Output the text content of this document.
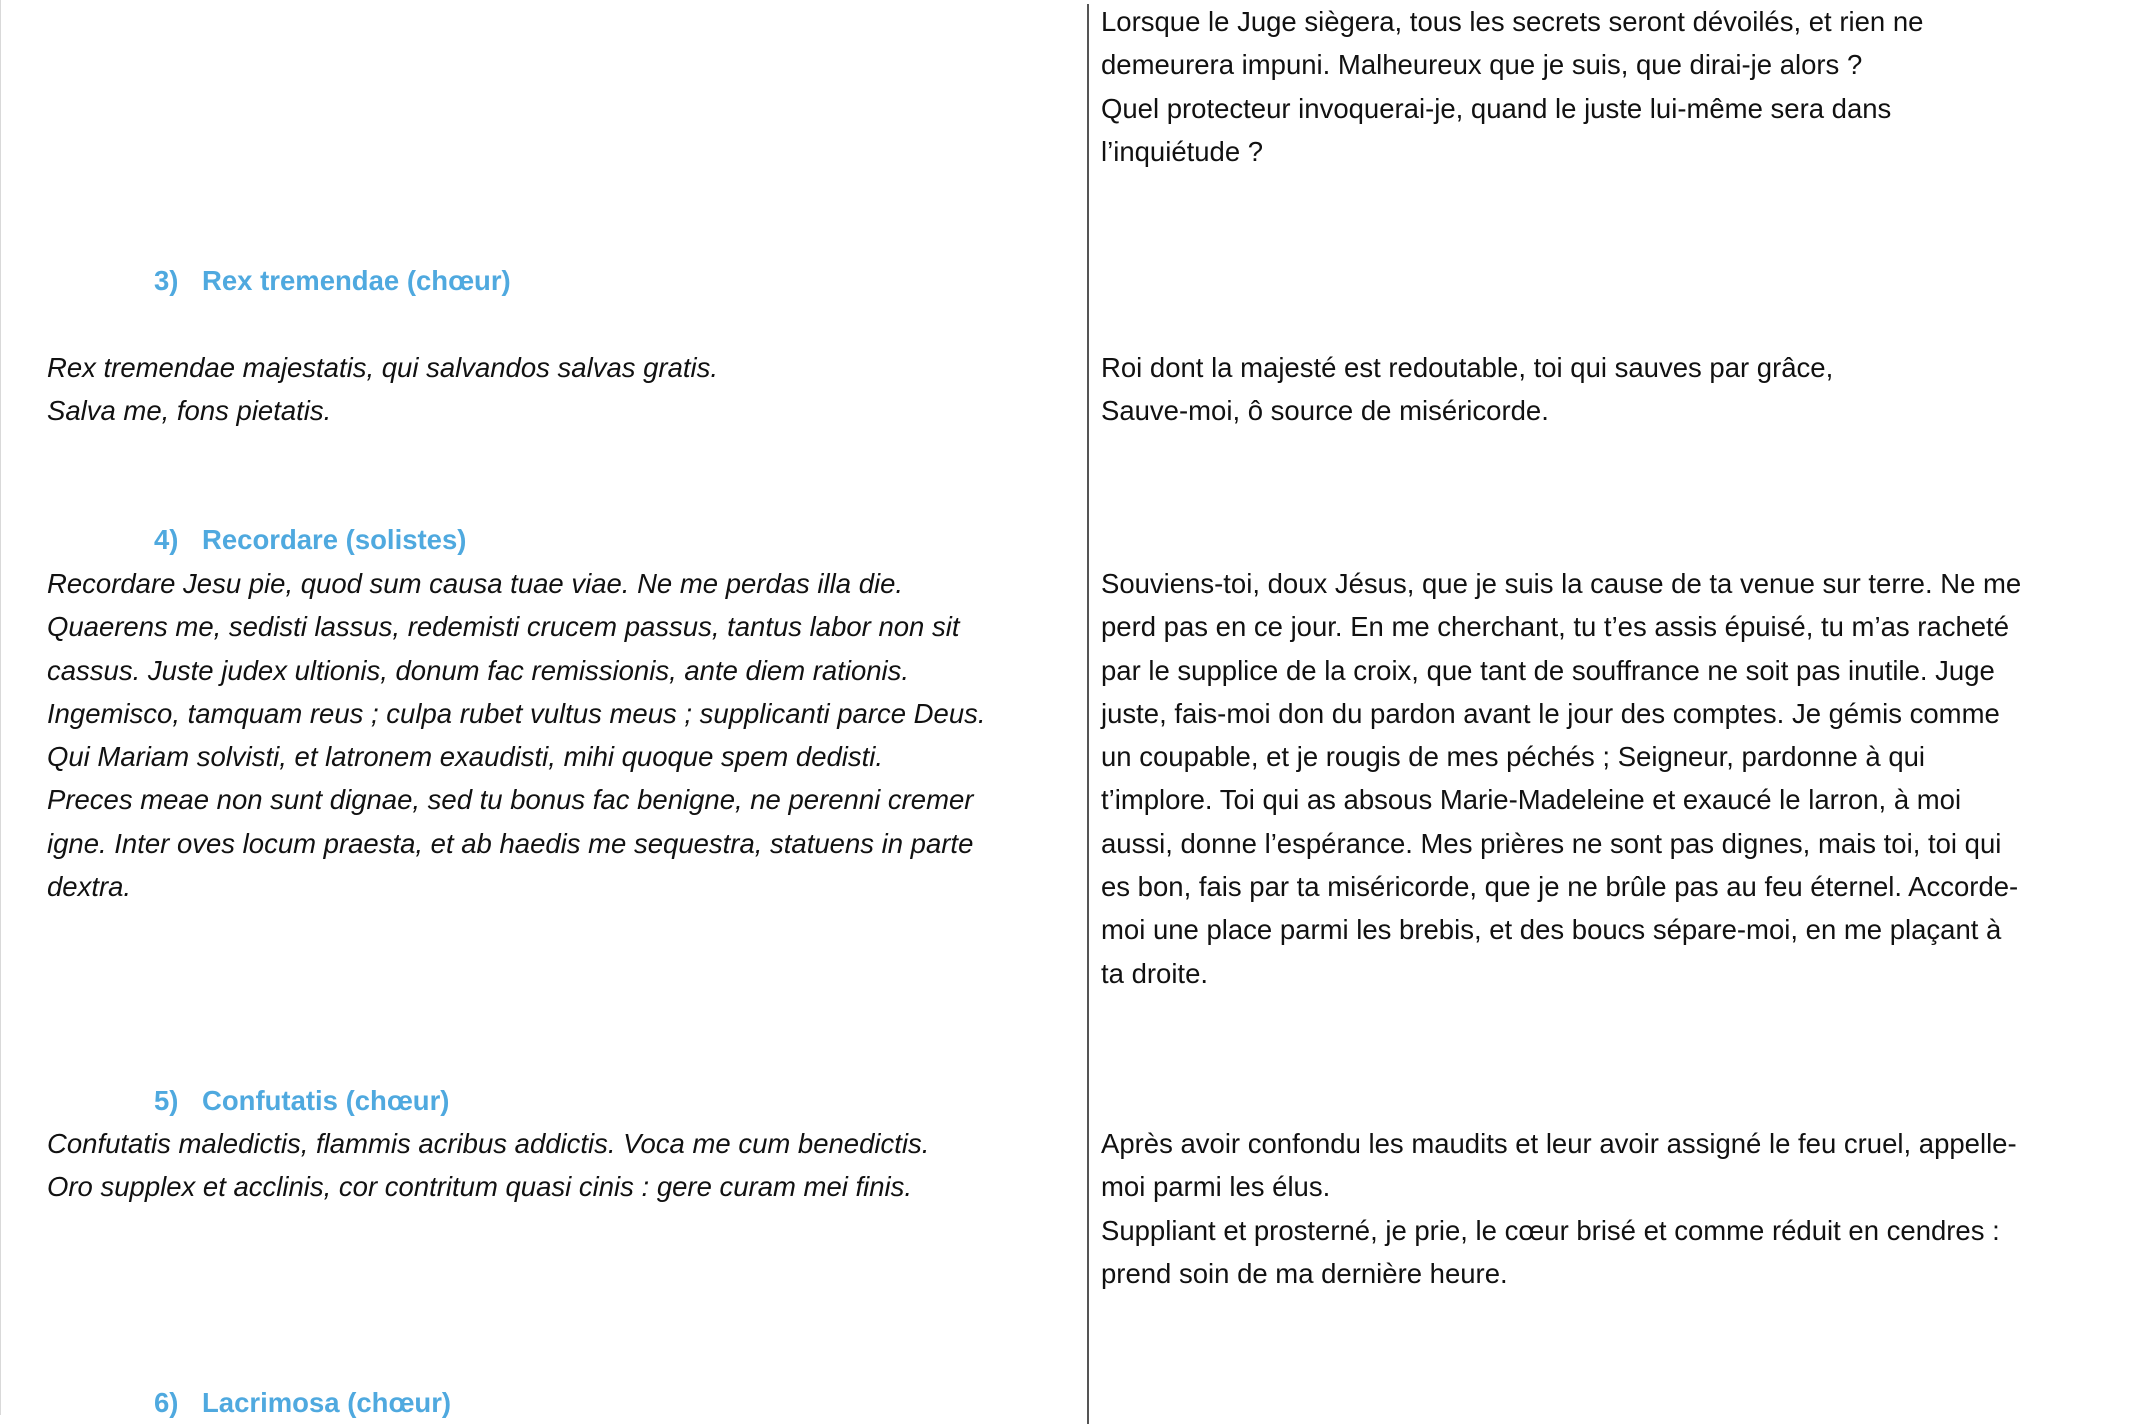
Lorsque le Juge siègera, tous les secrets seront dévoilés, et rien ne
demeurera impuni. Malheureux que je suis, que dirai-je alors ?
Quel protecteur invoquerai-je, quand le juste lui-même sera dans
l’inquiétude ?
3) Rex tremendae (chœur)
Rex tremendae majestatis, qui salvandos salvas gratis.
Salva me, fons pietatis.
Roi dont la majesté est redoutable, toi qui sauves par grâce,
Sauve-moi, ô source de miséricorde.
4) Recordare (solistes)
Recordare Jesu pie, quod sum causa tuae viae. Ne me perdas illa die.
Quaerens me, sedisti lassus, redemisti crucem passus, tantus labor non sit
cassus. Juste judex ultionis, donum fac remissionis, ante diem rationis.
Ingemisco, tamquam reus ; culpa rubet vultus meus ; supplicanti parce Deus.
Qui Mariam solvisti, et latronem exaudisti, mihi quoque spem dedisti.
Preces meae non sunt dignae, sed tu bonus fac benigne, ne perenni cremer
igne. Inter oves locum praesta, et ab haedis me sequestra, statuens in parte
dextra.
Souviens-toi, doux Jésus, que je suis la cause de ta venue sur terre. Ne me
perd pas en ce jour. En me cherchant, tu t’es assis épuisé, tu m’as racheté
par le supplice de la croix, que tant de souffrance ne soit pas inutile. Juge
juste, fais-moi don du pardon avant le jour des comptes. Je gémis comme
un coupable, et je rougis de mes péchés ; Seigneur, pardonne à qui
t’implore. Toi qui as absous Marie-Madeleine et exaucé le larron, à moi
aussi, donne l’espérance. Mes prières ne sont pas dignes, mais toi, toi qui
es bon, fais par ta miséricorde, que je ne brûle pas au feu éternel. Accorde-
moi une place parmi les brebis, et des boucs sépare-moi, en me plaçant à
ta droite.
5) Confutatis (chœur)
Confutatis maledictis, flammis acribus addictis. Voca me cum benedictis.
Oro supplex et acclinis, cor contritum quasi cinis : gere curam mei finis.
Après avoir confondu les maudits et leur avoir assigné le feu cruel, appelle-
moi parmi les élus.
Suppliant et prosterné, je prie, le cœur brisé et comme réduit en cendres :
prend soin de ma dernière heure.
6) Lacrimosa (chœur)
